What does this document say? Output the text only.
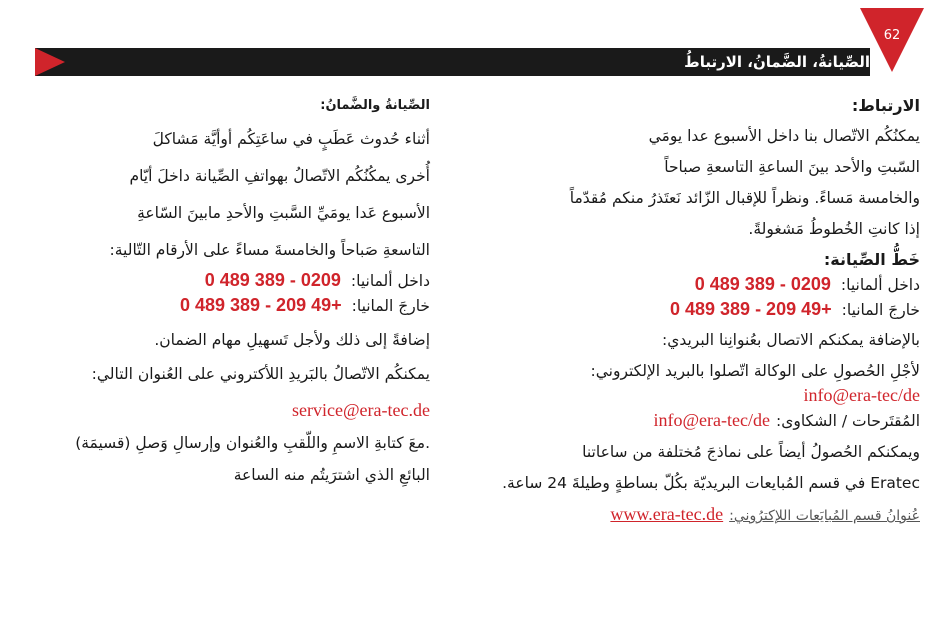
الصِّيانةُ، الضَّمانُ، الارتباطُ
62
الارتباط:
يمكنُكُم الاتّصال بنا داخل الأسبوع عدا يومَي
السّبتِ والأحد بينَ الساعةِ التاسعةِ صباحاً
والخامسة مَساءً. ونظراً للإقبال الزّائد نَعتَذرُ منكم مُقدّماً
إذا كانتِ الخُطوطُ مَشغولةً.
خَطُّ الصِّيانة:
داخل ألمانيا:
0 489 389 - 0209
خارجَ المانيا:
0 489 389 - 209 49+
بالإضافة يمكنكم الاتصال بعُنوانِنا البريدي:
لأجْلِ الحُصولِ على الوكالة اتّصلوا بالبريد الإلكتروني:
info@era-tec/de
المُقتَرحات / الشكاوى:
info@era-tec/de
ويمكنكم الحُصولُ أيضاً على نماذجَ مُختلفة من ساعاتنا
Eratec في قسم المُبايعات البريديّة بكُلّ بساطةٍ وطيلةَ 24 ساعة.
عُنوانُ قسم المُبايَعات اللإكترُوني:
www.era-tec.de
الصِّيانةُ والضَّمانُ:
أثناء حُدوث عَطَبٍ في ساعَتِكُم أوأيَّة مَشاكلَ
أُخرى يمكُنُكُم الاتّصالُ بهواتفِ الصِّيانة داخلَ أيّام
الأسبوع عَدا يومَيِّ السَّبتِ والأحدِ مابينَ السّاعةِ
التاسعةِ صَباحاً والخامسةَ مساءً على الأرقام التّالية:
داخل ألمانيا:
0 489 389 - 0209
خارجَ المانيا:
0 489 389 - 209 49+
إضافةً إلى ذلك ولأجل تَسهيلِ مهام الضمان.
يمكنكُم الاتّصالُ بالبَريدِ اللأكتروني على العُنوان التالي:
service@era-tec.de
.معَ كتابةِ الاسمِ واللّقبِ والعُنوان وإرسالِ وَصلِ (قسيمَة)
البائعِ الذي اشترَيتُم منه الساعة
